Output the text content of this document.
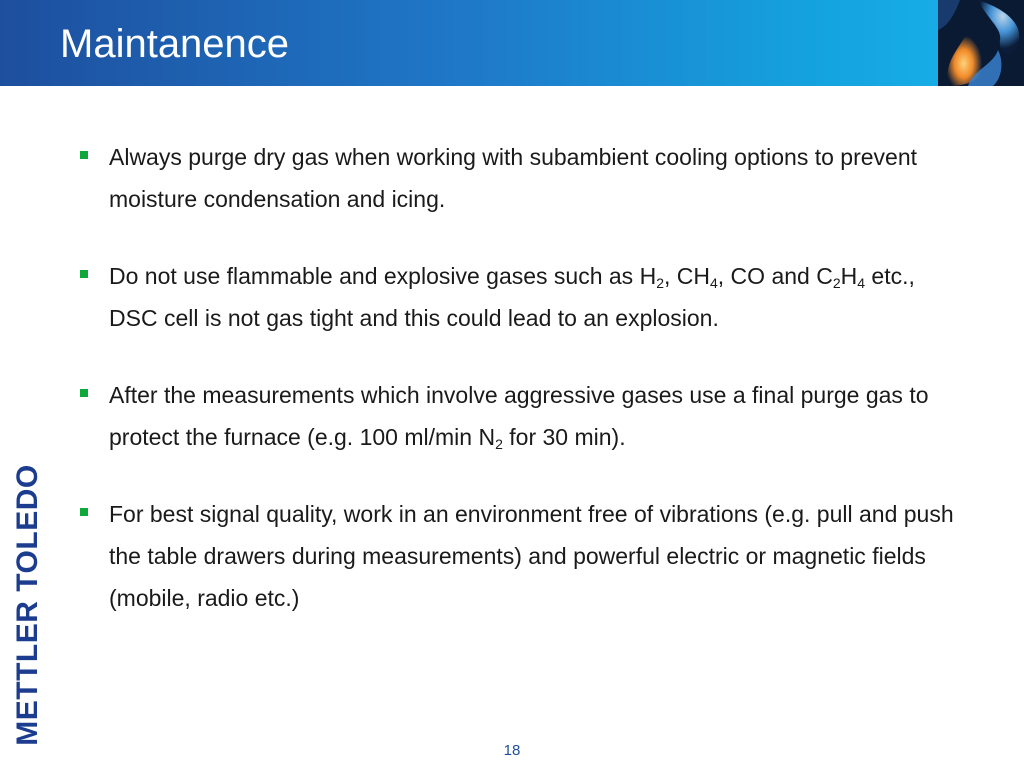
Maintanence
Always purge dry gas when working with subambient cooling options to prevent moisture condensation and icing.
Do not use flammable and explosive gases such as $H_2$, $CH_4$, CO and $C_2H_4$ etc., DSC cell is not gas tight and this could lead to an explosion.
After the measurements which involve aggressive gases use a final purge gas to protect the furnace (e.g. 100 ml/min $N_2$ for 30 min).
For best signal quality, work in an environment free of vibrations (e.g. pull and push the table drawers during measurements) and powerful electric or magnetic fields (mobile, radio etc.)
METTLER TOLEDO
18
